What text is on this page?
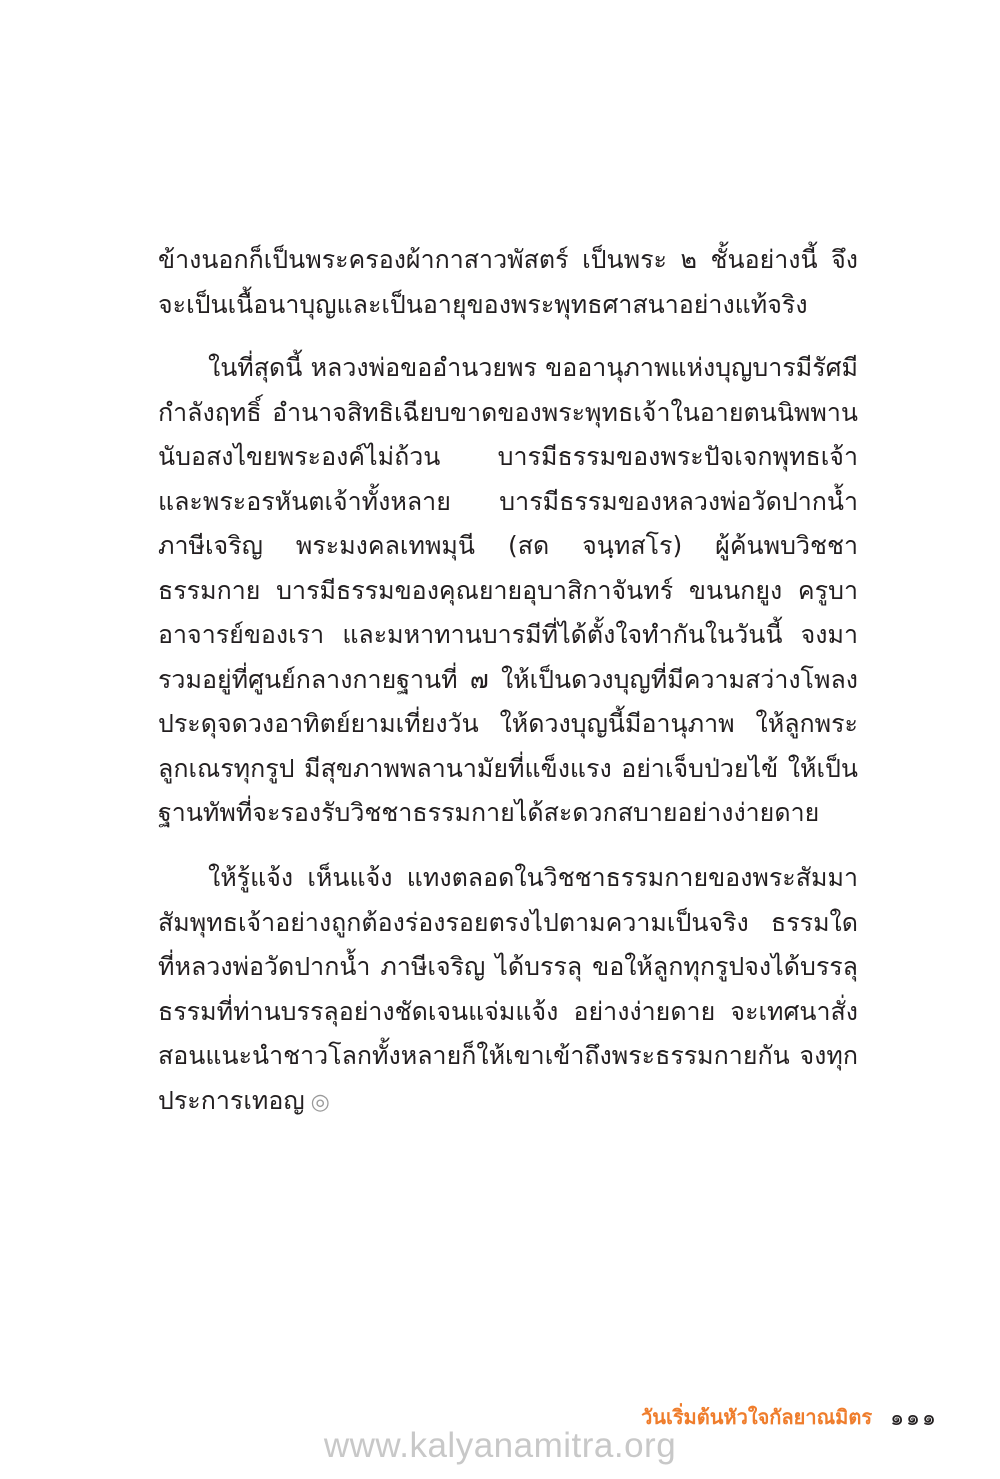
ข้างนอกก็เป็นพระครองผ้ากาสาวพัสตร์ เป็นพระ ๒ ชั้นอย่างนี้ จึงจะเป็นเนื้อนาบุญและเป็นอายุของพระพุทธศาสนาอย่างแท้จริง

ในที่สุดนี้ หลวงพ่อขออำนวยพร ขออานุภาพแห่งบุญบารมีรัศมีกำลังฤทธิ์ อำนาจสิทธิเฉียบขาดของพระพุทธเจ้าในอายตนนิพพานนับอสงไขยพระองค์ไม่ถ้วน บารมีธรรมของพระปัจเจกพุทธเจ้า และพระอรหันตเจ้าทั้งหลาย บารมีธรรมของหลวงพ่อวัดปากน้ำ ภาษีเจริญ พระมงคลเทพมุนี (สด จนฺทสโร) ผู้ค้นพบวิชชาธรรมกาย บารมีธรรมของคุณยายอุบาสิกาจันทร์ ขนนกยูง ครูบาอาจารย์ของเรา และมหาทานบารมีที่ได้ตั้งใจทำกันในวันนี้ จงมารวมอยู่ที่ศูนย์กลางกายฐานที่ ๗ ให้เป็นดวงบุญที่มีความสว่างโพลงประดุจดวงอาทิตย์ยามเที่ยงวัน ให้ดวงบุญนี้มีอานุภาพ ให้ลูกพระลูกเณรทุกรูป มีสุขภาพพลานามัยที่แข็งแรง อย่าเจ็บป่วยไข้ ให้เป็นฐานทัพที่จะรองรับวิชชาธรรมกายได้สะดวกสบายอย่างง่ายดาย

ให้รู้แจ้ง เห็นแจ้ง แทงตลอดในวิชชาธรรมกายของพระสัมมาสัมพุทธเจ้าอย่างถูกต้องร่องรอยตรงไปตามความเป็นจริง ธรรมใดที่หลวงพ่อวัดปากน้ำ ภาษีเจริญ ได้บรรลุ ขอให้ลูกทุกรูปจงได้บรรลุธรรมที่ท่านบรรลุอย่างชัดเจนแจ่มแจ้ง อย่างง่ายดาย จะเทศนาสั่งสอนแนะนำชาวโลกทั้งหลายก็ให้เขาเข้าถึงพระธรรมกายกัน จงทุกประการเทอญ ◎

วันเริ่มต้นหัวใจกัลยาณมิตร ๑๑๑
www.kalyanamitra.org
